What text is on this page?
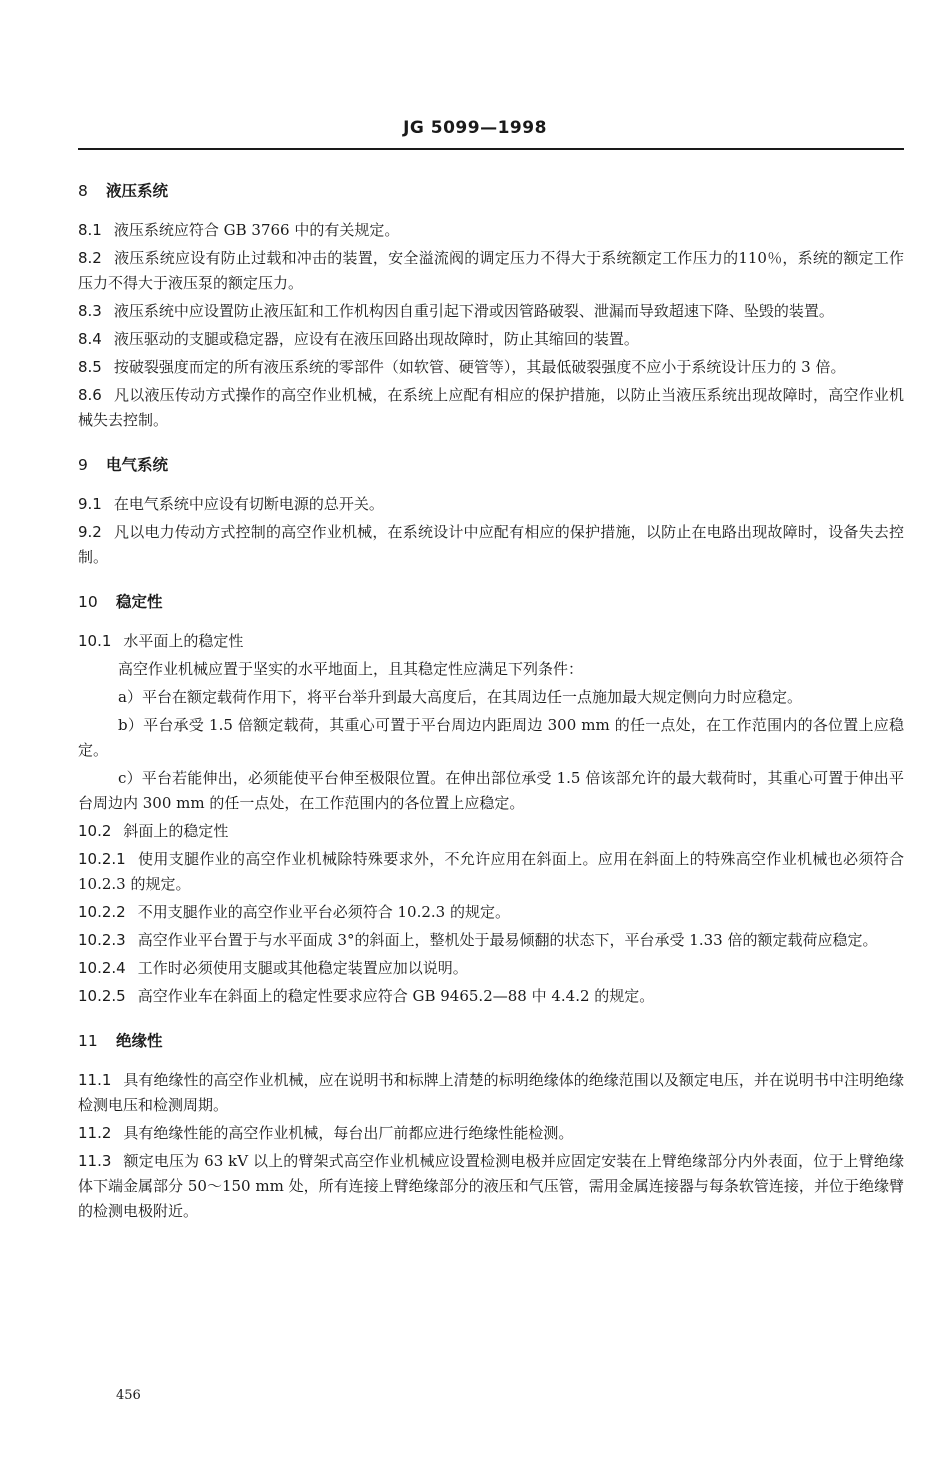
JG 5099—1998
8 液压系统
8.1 液压系统应符合 GB 3766 中的有关规定。
8.2 液压系统应设有防止过载和冲击的装置，安全溢流阀的调定压力不得大于系统额定工作压力的110％，系统的额定工作压力不得大于液压泵的额定压力。
8.3 液压系统中应设置防止液压缸和工作机构因自重引起下滑或因管路破裂、泄漏而导致超速下降、坠毁的装置。
8.4 液压驱动的支腿或稳定器，应设有在液压回路出现故障时，防止其缩回的装置。
8.5 按破裂强度而定的所有液压系统的零部件（如软管、硬管等），其最低破裂强度不应小于系统设计压力的 3 倍。
8.6 凡以液压传动方式操作的高空作业机械，在系统上应配有相应的保护措施，以防止当液压系统出现故障时，高空作业机械失去控制。
9 电气系统
9.1 在电气系统中应设有切断电源的总开关。
9.2 凡以电力传动方式控制的高空作业机械，在系统设计中应配有相应的保护措施，以防止在电路出现故障时，设备失去控制。
10 稳定性
10.1 水平面上的稳定性
高空作业机械应置于坚实的水平地面上，且其稳定性应满足下列条件：
a）平台在额定载荷作用下，将平台举升到最大高度后，在其周边任一点施加最大规定侧向力时应稳定。
b）平台承受 1.5 倍额定载荷，其重心可置于平台周边内距周边 300 mm 的任一点处，在工作范围内的各位置上应稳定。
c）平台若能伸出，必须能使平台伸至极限位置。在伸出部位承受 1.5 倍该部允许的最大载荷时，其重心可置于伸出平台周边内 300 mm 的任一点处，在工作范围内的各位置上应稳定。
10.2 斜面上的稳定性
10.2.1 使用支腿作业的高空作业机械除特殊要求外，不允许应用在斜面上。应用在斜面上的特殊高空作业机械也必须符合 10.2.3 的规定。
10.2.2 不用支腿作业的高空作业平台必须符合 10.2.3 的规定。
10.2.3 高空作业平台置于与水平面成 3°的斜面上，整机处于最易倾翻的状态下，平台承受 1.33 倍的额定载荷应稳定。
10.2.4 工作时必须使用支腿或其他稳定装置应加以说明。
10.2.5 高空作业车在斜面上的稳定性要求应符合 GB 9465.2—88 中 4.4.2 的规定。
11 绝缘性
11.1 具有绝缘性的高空作业机械，应在说明书和标牌上清楚的标明绝缘体的绝缘范围以及额定电压，并在说明书中注明绝缘检测电压和检测周期。
11.2 具有绝缘性能的高空作业机械，每台出厂前都应进行绝缘性能检测。
11.3 额定电压为 63 kV 以上的臂架式高空作业机械应设置检测电极并应固定安装在上臂绝缘部分内外表面，位于上臂绝缘体下端金属部分 50～150 mm 处，所有连接上臂绝缘部分的液压和气压管，需用金属连接器与每条软管连接，并位于绝缘臂的检测电极附近。
456
